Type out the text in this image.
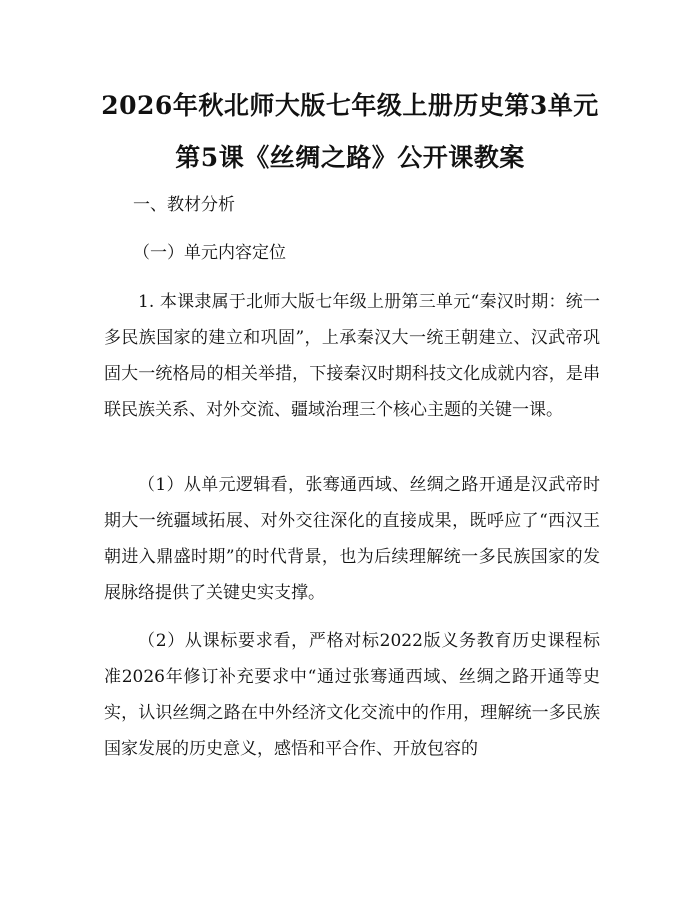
2026年秋北师大版七年级上册历史第3单元
第5课《丝绸之路》公开课教案
一、教材分析
（一）单元内容定位
1. 本课隶属于北师大版七年级上册第三单元“秦汉时期：统一多民族国家的建立和巩固”，上承秦汉大一统王朝建立、汉武帝巩固大一统格局的相关举措，下接秦汉时期科技文化成就内容，是串联民族关系、对外交流、疆域治理三个核心主题的关键一课。
（1）从单元逻辑看，张骞通西域、丝绸之路开通是汉武帝时期大一统疆域拓展、对外交往深化的直接成果，既呼应了“西汉王朝进入鼎盛时期”的时代背景，也为后续理解统一多民族国家的发展脉络提供了关键史实支撑。
（2）从课标要求看，严格对标2022版义务教育历史课程标准2026年修订补充要求中“通过张骞通西域、丝绸之路开通等史实，认识丝绸之路在中外经济文化交流中的作用，理解统一多民族国家发展的历史意义，感悟和平合作、开放包容的
